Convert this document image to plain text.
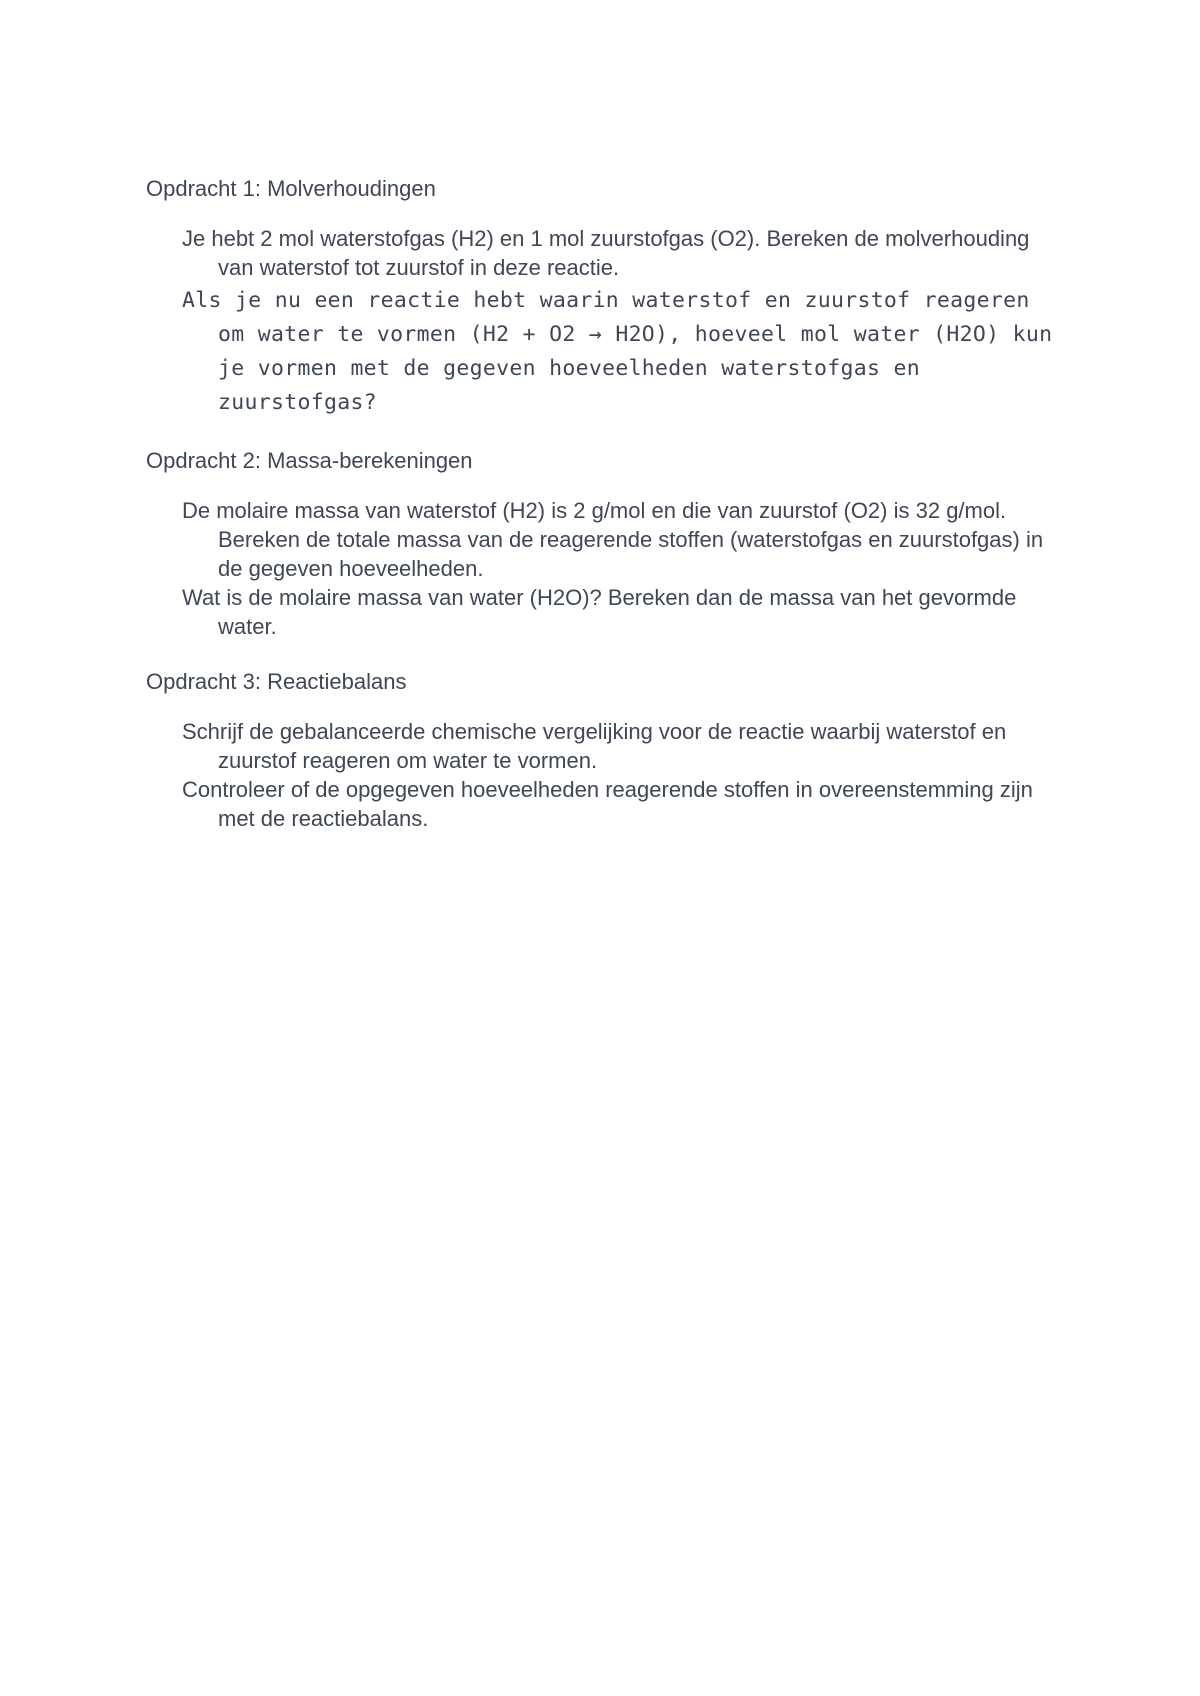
Opdracht 1: Molverhoudingen

Je hebt 2 mol waterstofgas (H2) en 1 mol zuurstofgas (O2). Bereken de molverhouding van waterstof tot zuurstof in deze reactie.
Als je nu een reactie hebt waarin waterstof en zuurstof reageren om water te vormen (H2 + O2 → H2O), hoeveel mol water (H2O) kun je vormen met de gegeven hoeveelheden waterstofgas en zuurstofgas?

Opdracht 2: Massa-berekeningen

De molaire massa van waterstof (H2) is 2 g/mol en die van zuurstof (O2) is 32 g/mol. Bereken de totale massa van de reagerende stoffen (waterstofgas en zuurstofgas) in de gegeven hoeveelheden.
Wat is de molaire massa van water (H2O)? Bereken dan de massa van het gevormde water.

Opdracht 3: Reactiebalans

Schrijf de gebalanceerde chemische vergelijking voor de reactie waarbij waterstof en zuurstof reageren om water te vormen.
Controleer of de opgegeven hoeveelheden reagerende stoffen in overeenstemming zijn met de reactiebalans.
